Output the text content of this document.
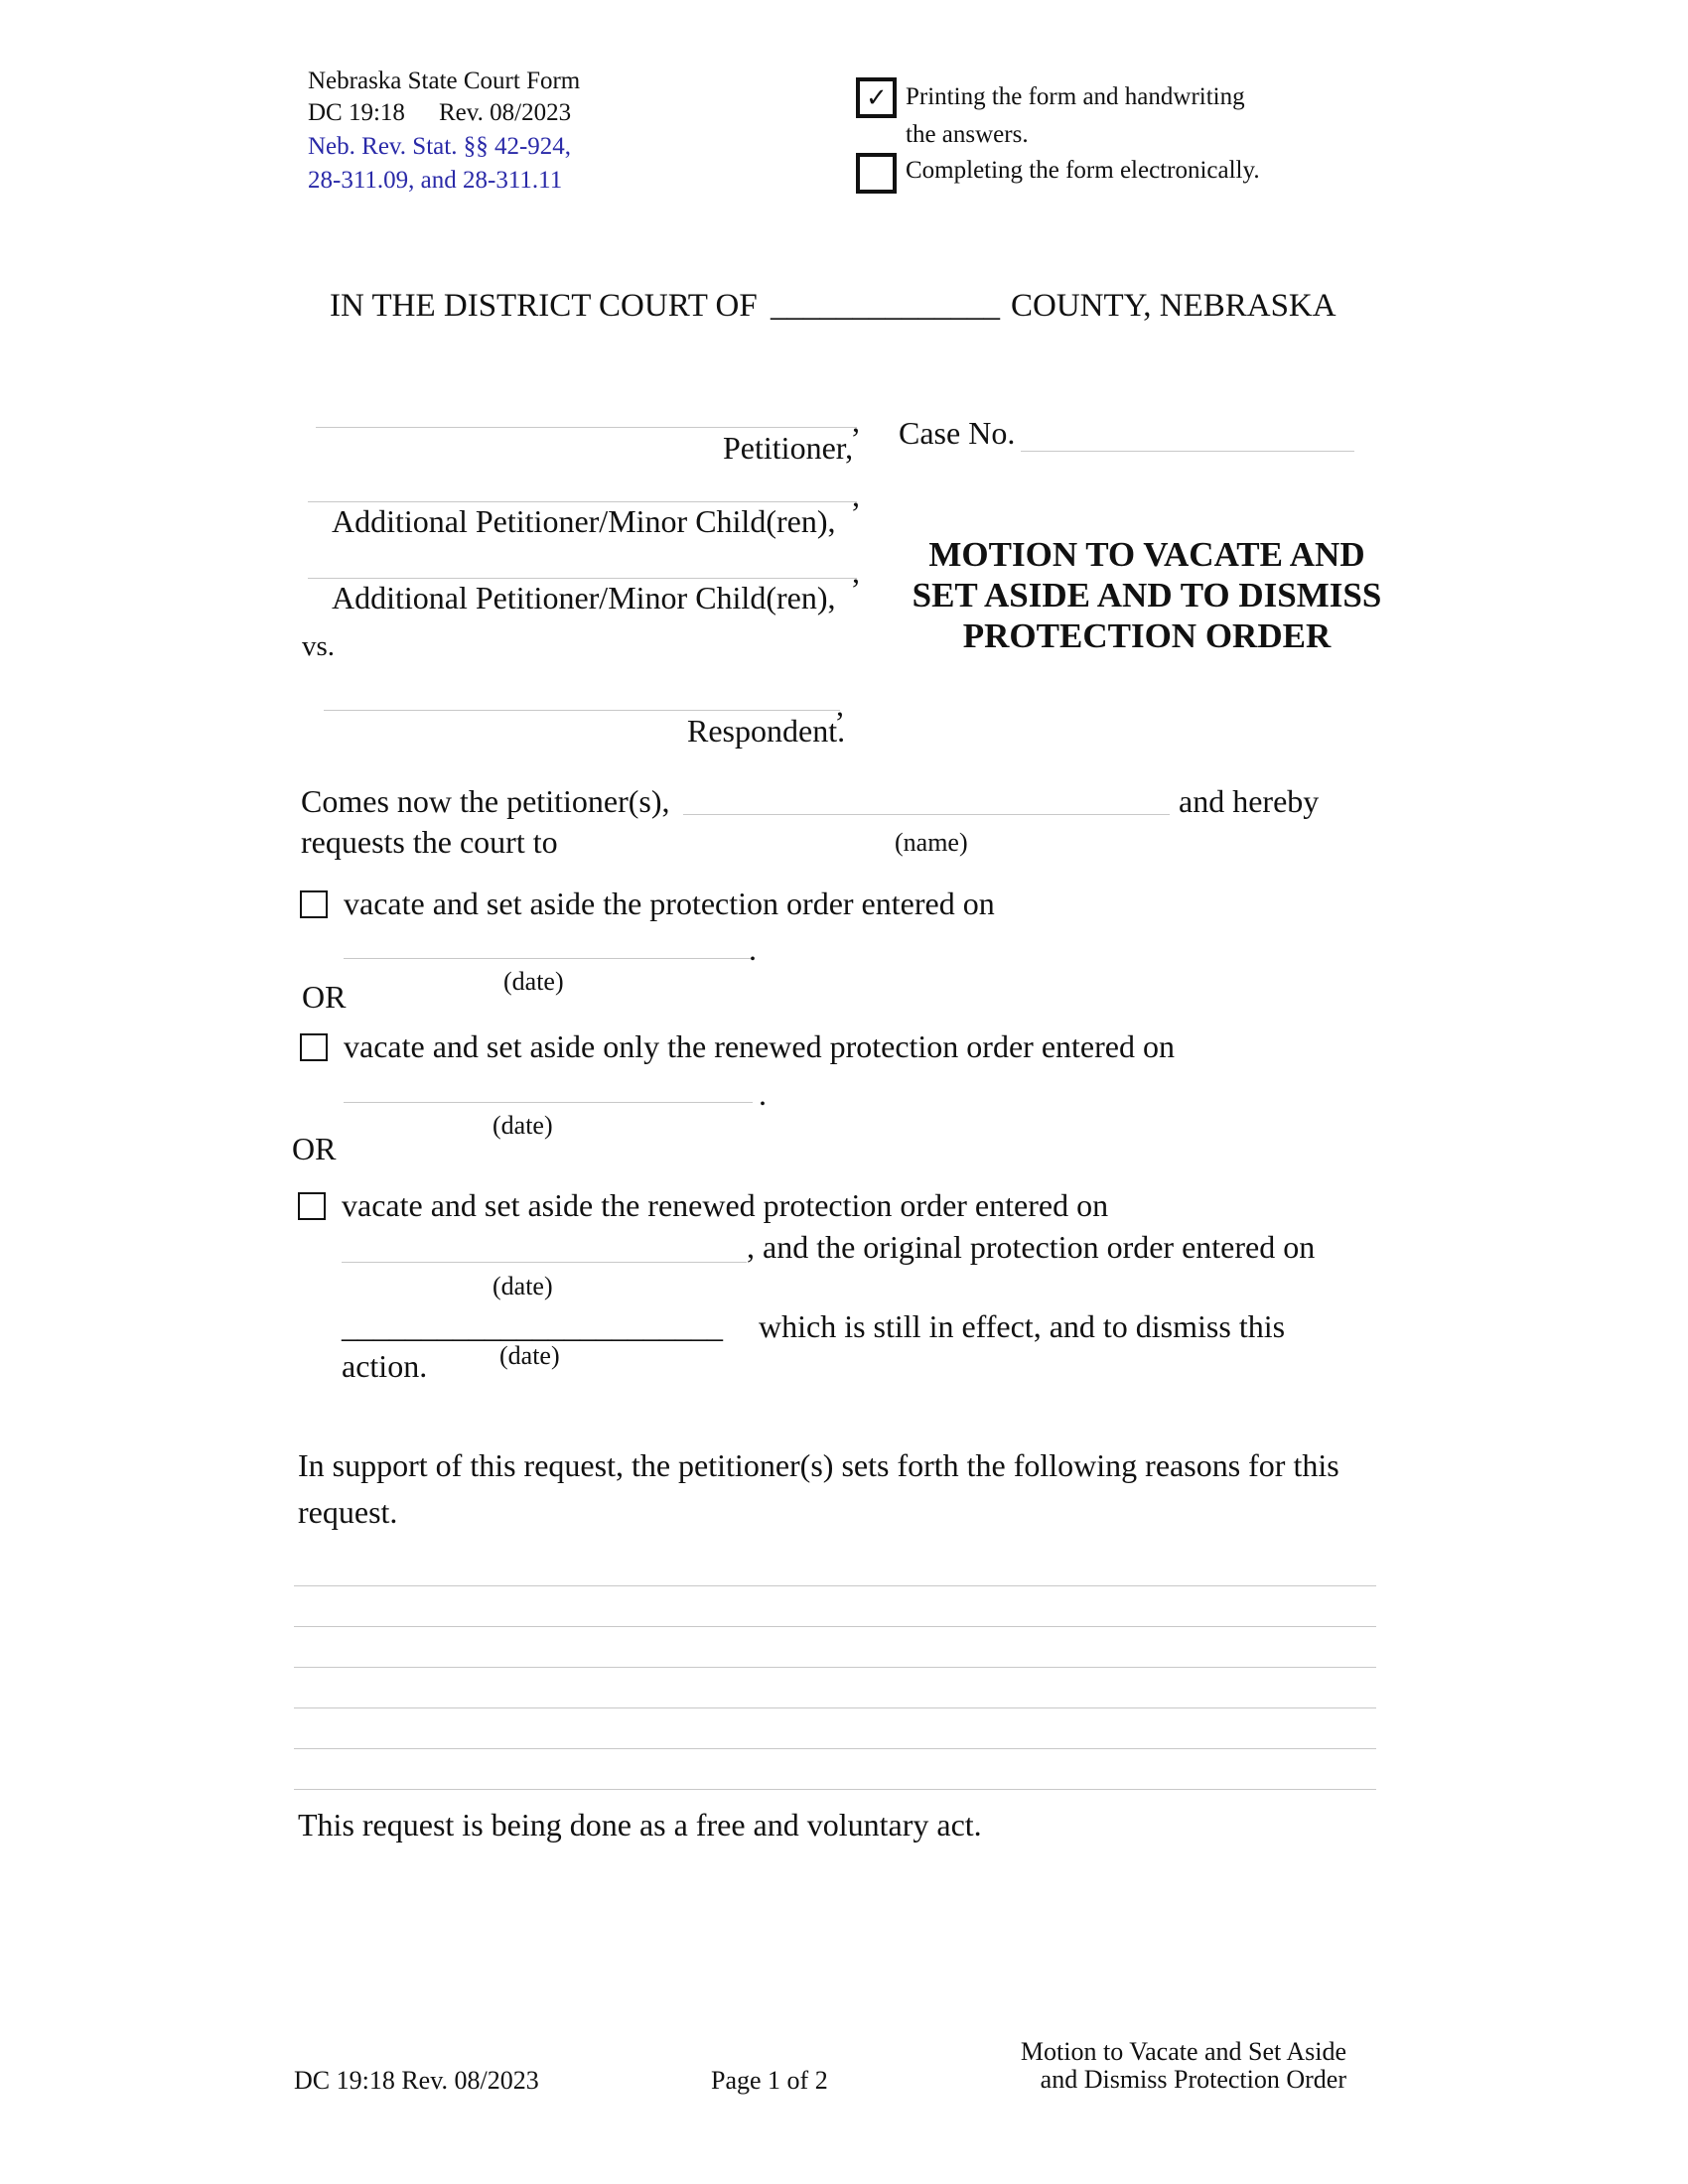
Nebraska State Court Form
DC 19:18 Rev. 08/2023
Neb. Rev. Stat. §§ 42-924,
28-311.09, and 28-311.11
✓ Printing the form and handwriting
the answers.
Completing the form electronically.
IN THE DISTRICT COURT OF ______________ COUNTY, NEBRASKA
,
Petitioner,
,
Additional Petitioner/Minor Child(ren),
,
Additional Petitioner/Minor Child(ren),
vs.
,
Respondent.
Case No.
MOTION TO VACATE AND SET ASIDE AND TO DISMISS PROTECTION ORDER
Comes now the petitioner(s),	and hereby
requests the court to	(name)
vacate and set aside the protection order entered on
.
(date)
OR
vacate and set aside only the renewed protection order entered on
.
(date)
OR
vacate and set aside the renewed protection order entered on
, and the original protection order entered on
(date)
________________________ which is still in effect, and to dismiss this
action.	(date)
In support of this request, the petitioner(s) sets forth the following reasons for this
request.
This request is being done as a free and voluntary act.
DC 19:18 Rev. 08/2023	Page 1 of 2
Motion to Vacate and Set Aside
and Dismiss Protection Order
